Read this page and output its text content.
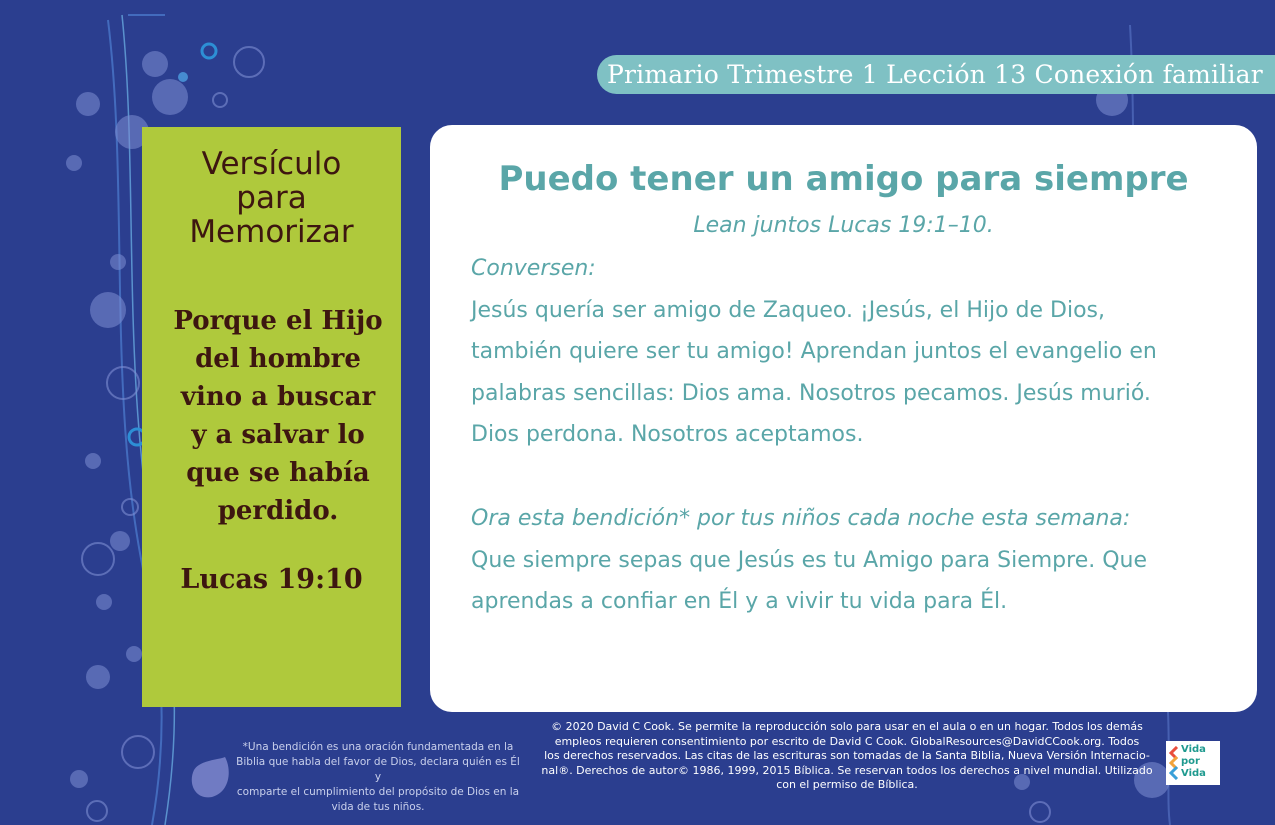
Primario Trimestre 1 Lección 13 Conexión familiar
Versículo
para
Memorizar
Porque el Hijo
del hombre
vino a buscar
y a salvar lo
que se había
perdido.
Lucas 19:10
Puedo tener un amigo para siempre
Lean juntos Lucas 19:1–10.
Conversen:
Jesús quería ser amigo de Zaqueo. ¡Jesús, el Hijo de Dios,
también quiere ser tu amigo! Aprendan juntos el evangelio en
palabras sencillas: Dios ama. Nosotros pecamos. Jesús murió.
Dios perdona. Nosotros aceptamos.
Ora esta bendición* por tus niños cada noche esta semana:
Que siempre sepas que Jesús es tu Amigo para Siempre. Que
aprendas a confiar en Él y a vivir tu vida para Él.
*Una bendición es una oración fundamentada en la
Biblia que habla del favor de Dios, declara quién es Él y
comparte el cumplimiento del propósito de Dios en la
vida de tus niños.
© 2020 David C Cook. Se permite la reproducción solo para usar en el aula o en un hogar. Todos los demás
empleos requieren consentimiento por escrito de David C Cook. GlobalResources@DavidCCook.org. Todos
los derechos reservados. Las citas de las escrituras son tomadas de la Santa Biblia, Nueva Versión Internacio-
nal®. Derechos de autor© 1986, 1999, 2015 Bíblica. Se reservan todos los derechos a nivel mundial. Utilizado
con el permiso de Bíblica.
Vida
por
Vida
